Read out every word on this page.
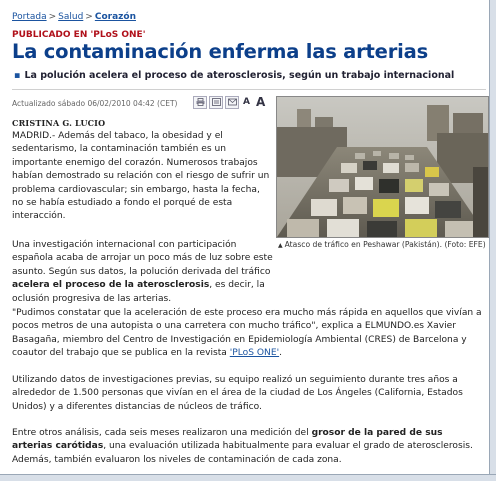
Portada > Salud > Corazón
PUBLICADO EN 'PLoS ONE'
La contaminación enferma las arterias
▪ La polución acelera el proceso de aterosclerosis, según un trabajo internacional
Actualizado sábado 06/02/2010 04:42 (CET)	A A
CRISTINA G. LUCIO
MADRID.- Además del tabaco, la obesidad y el sedentarismo, la contaminación también es un importante enemigo del corazón. Numerosos trabajos habían demostrado su relación con el riesgo de sufrir un problema cardiovascular; sin embargo, hasta la fecha, no se había estudiado a fondo el porqué de esta interacción.
Una investigación internacional con participación española acaba de arrojar un poco más de luz sobre este asunto. Según sus datos, la polución derivada del tráfico acelera el proceso de la aterosclerosis, es decir, la oclusión progresiva de las arterias.
"Pudimos constatar que la aceleración de este proceso era mucho más rápida en aquellos que vivían a pocos metros de una autopista o una carretera con mucho tráfico", explica a ELMUNDO.es Xavier Basagaña, miembro del Centro de Investigación en Epidemiología Ambiental (CRES) de Barcelona y coautor del trabajo que se publica en la revista 'PLoS ONE'.
Utilizando datos de investigaciones previas, su equipo realizó un seguimiento durante tres años a alrededor de 1.500 personas que vivían en el área de la ciudad de Los Ángeles (California, Estados Unidos) y a diferentes distancias de núcleos de tráfico.
Entre otros análisis, cada seis meses realizaron una medición del grosor de la pared de sus arterias carótidas, una evaluación utilizada habitualmente para evaluar el grado de aterosclerosis. Además, también evaluaron los niveles de contaminación de cada zona.
▲ Atasco de tráfico en Peshawar (Pakistán). (Foto: EFE)
